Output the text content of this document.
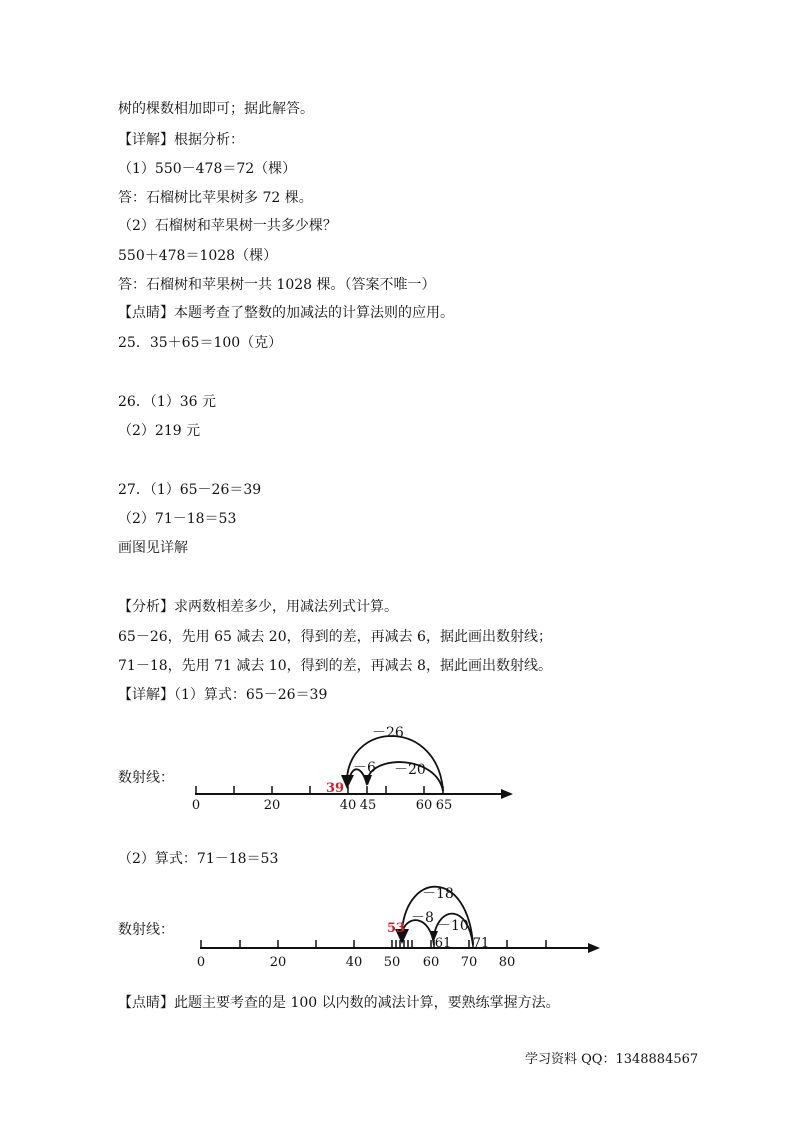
树的棵数相加即可；据此解答。
【详解】根据分析：
（1）550－478＝72（棵）
答：石榴树比苹果树多 72 棵。
（2）石榴树和苹果树一共多少棵？
550＋478＝1028（棵）
答：石榴树和苹果树一共 1028 棵。（答案不唯一）
【点睛】本题考查了整数的加减法的计算法则的应用。
25．35＋65＝100（克）
26．（1）36 元
（2）219 元
27．（1）65－26＝39
（2）71－18＝53
画图见详解
【分析】求两数相差多少，用减法列式计算。
65－26，先用 65 减去 20，得到的差，再减去 6，据此画出数射线；
71－18，先用 71 减去 10，得到的差，再减去 8，据此画出数射线。
【详解】（1）算式：65－26＝39
数射线：
0	20	40 45	60 65
－26
－6 －20
39
（2）算式：71－18＝53
数射线：
0	20	40 50 60
61
70
71
80
－18
－8 －10
53
【点睛】此题主要考查的是 100 以内数的减法计算，要熟练掌握方法。
学习资料 QQ：1348884567
